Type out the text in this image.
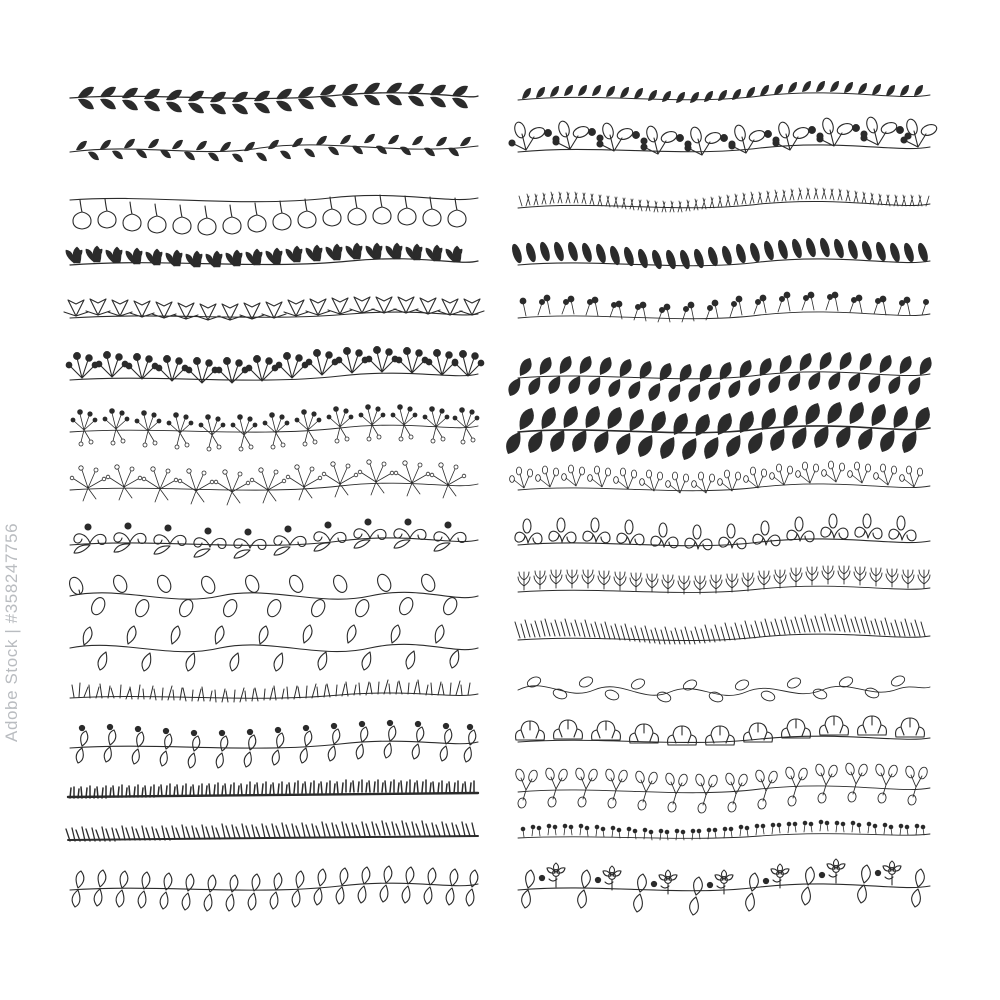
Adobe Stock | #358247756
